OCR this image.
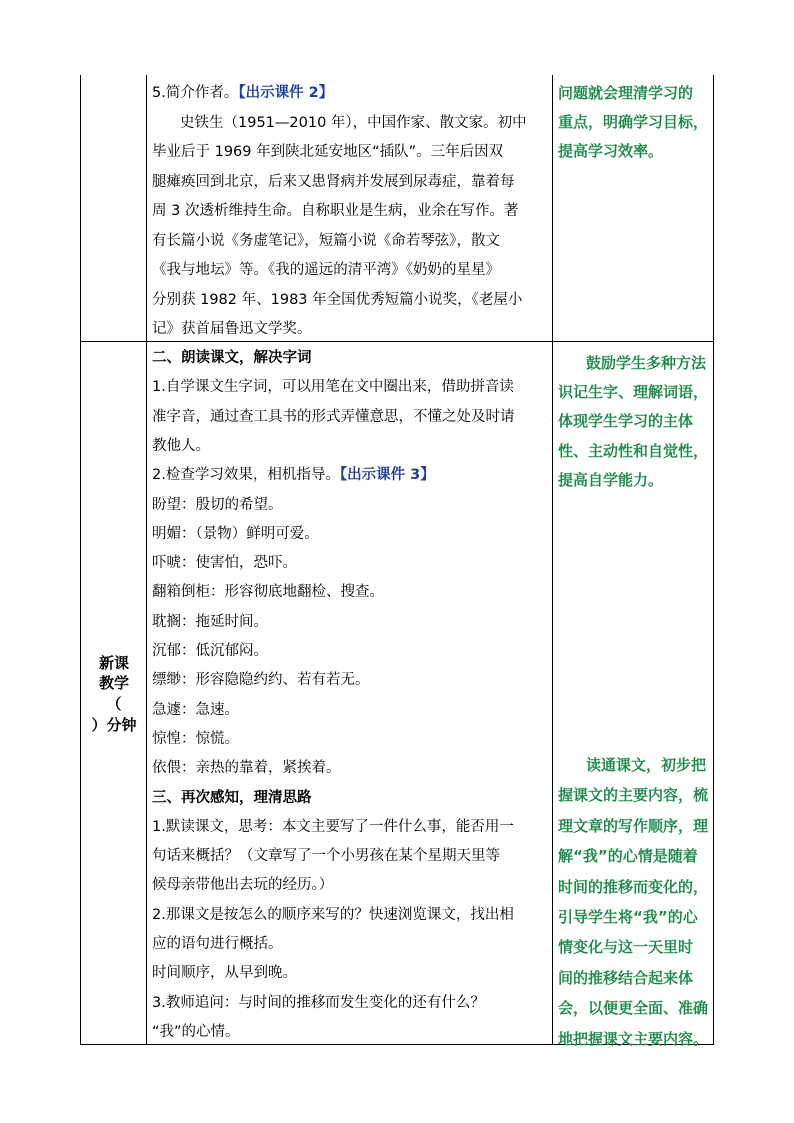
5.简介作者。【出示课件 2】
史铁生（1951—2010 年），中国作家、散文家。初中
毕业后于 1969 年到陕北延安地区“插队”。三年后因双
腿瘫痪回到北京，后来又患肾病并发展到尿毒症，靠着每
周 3 次透析维持生命。自称职业是生病，业余在写作。著
有长篇小说《务虚笔记》，短篇小说《命若琴弦》，散文
《我与地坛》等。《我的遥远的清平湾》《奶奶的星星》
分别获 1982 年、1983 年全国优秀短篇小说奖，《老屋小
记》获首届鲁迅文学奖。
问题就会理清学习的
重点，明确学习目标，
提高学习效率。
新课
教学
（
）分钟
二、朗读课文，解决字词
1.自学课文生字词，可以用笔在文中圈出来，借助拼音读
准字音，通过查工具书的形式弄懂意思，不懂之处及时请
教他人。
2.检查学习效果，相机指导。【出示课件 3】
盼望：殷切的希望。
明媚：（景物）鲜明可爱。
吓唬：使害怕，恐吓。
翻箱倒柜：形容彻底地翻检、搜查。
耽搁：拖延时间。
沉郁：低沉郁闷。
缥缈：形容隐隐约约、若有若无。
急遽：急速。
惊惶：惊慌。
依偎：亲热的靠着，紧挨着。
三、再次感知，理清思路
1.默读课文，思考：本文主要写了一件什么事，能否用一
句话来概括？（文章写了一个小男孩在某个星期天里等
候母亲带他出去玩的经历。）
2.那课文是按怎么的顺序来写的？快速浏览课文，找出相
应的语句进行概括。
时间顺序，从早到晚。
3.教师追问：与时间的推移而发生变化的还有什么？
“我”的心情。
鼓励学生多种方法
识记生字、理解词语，
体现学生学习的主体
性、主动性和自觉性，
提高自学能力。
读通课文，初步把
握课文的主要内容，梳
理文章的写作顺序，理
解“我”的心情是随着
时间的推移而变化的，
引导学生将“我”的心
情变化与这一天里时
间的推移结合起来体
会，以便更全面、准确
地把握课文主要内容。
